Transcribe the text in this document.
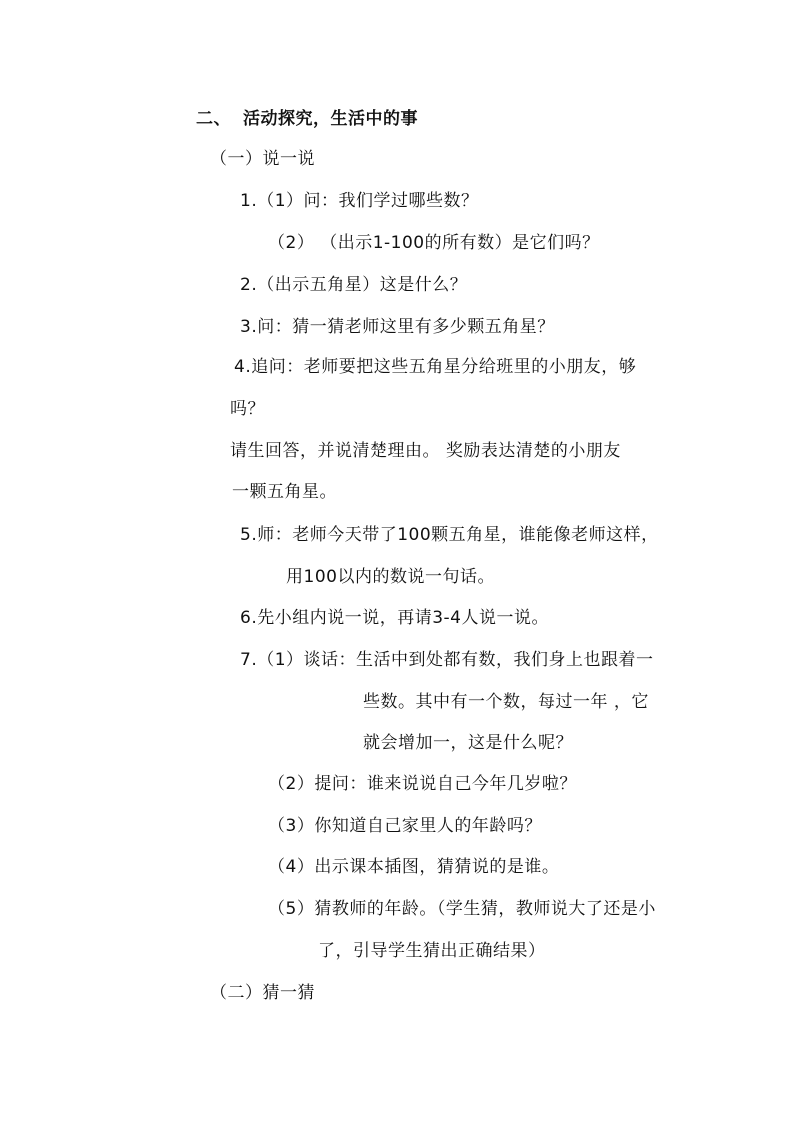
二、 活动探究，生活中的事
（一）说一说
1.（1）问：我们学过哪些数？
（2） （出示1-100的所有数）是它们吗？
2.（出示五角星）这是什么？
3.问：猜一猜老师这里有多少颗五角星？
4.追问：老师要把这些五角星分给班里的小朋友，够
吗？
请生回答，并说清楚理由。 奖励表达清楚的小朋友
一颗五角星。
5.师：老师今天带了100颗五角星，谁能像老师这样，
用100以内的数说一句话。
6.先小组内说一说，再请3-4人说一说。
7.（1）谈话：生活中到处都有数，我们身上也跟着一
些数。其中有一个数，每过一年 ，它
就会增加一，这是什么呢？
（2）提问：谁来说说自己今年几岁啦？
（3）你知道自己家里人的年龄吗？
（4）出示课本插图，猜猜说的是谁。
（5）猜教师的年龄。（学生猜，教师说大了还是小
了，引导学生猜出正确结果）
（二）猜一猜
